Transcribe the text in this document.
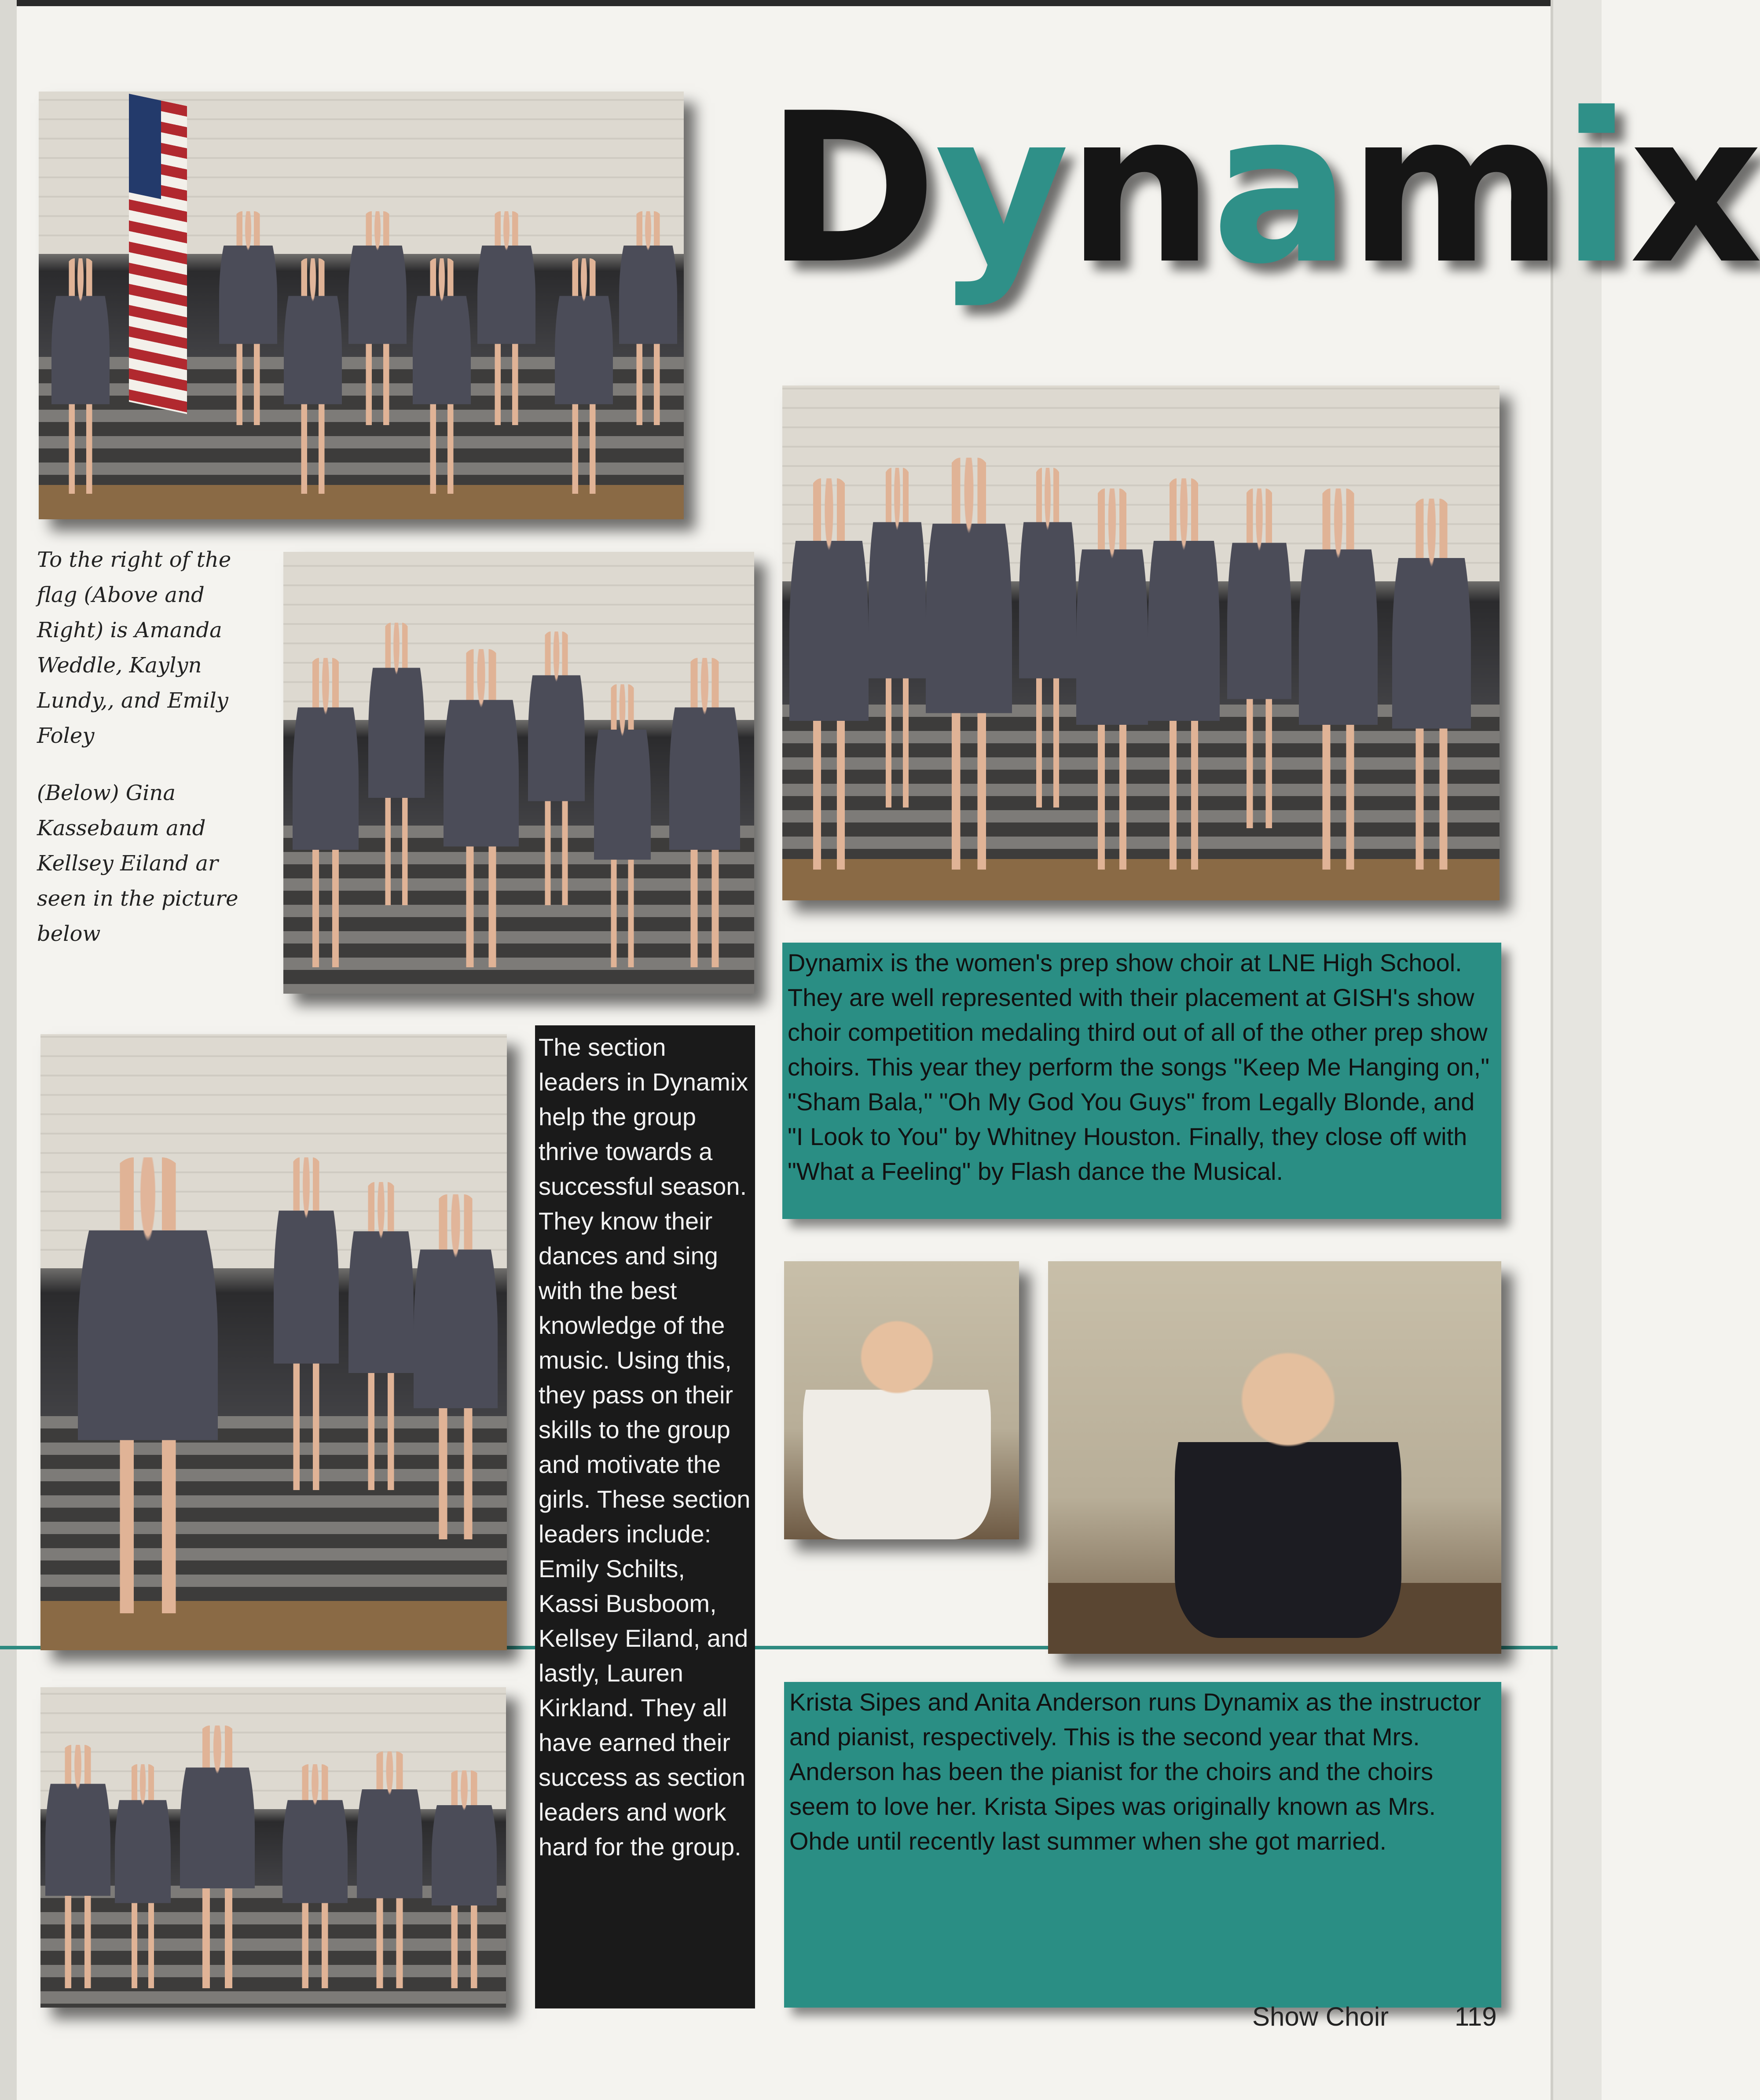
Dynamix

To the right of the flag (Above and Right) is Amanda Weddle, Kaylyn Lundy,, and Emily Foley

(Below) Gina Kassebaum and Kellsey Eiland ar seen in the picture below

Dynamix is the women's prep show choir at LNE High School. They are well represented with their placement at GISH's show choir competition medaling third out of all of the other prep show choirs. This year they perform the songs "Keep Me Hanging on," "Sham Bala," "Oh My God You Guys" from Legally Blonde, and "I Look to You" by Whitney Houston. Finally, they close off with "What a Feeling" by Flash dance the Musical.
The section leaders in Dynamix help the group thrive towards a successful season. They know their dances and sing with the best knowledge of the music. Using this, they pass on their skills to the group and motivate the girls. These section leaders include: Emily Schilts, Kassi Busboom, Kellsey Eiland, and lastly, Lauren Kirkland. They all have earned their success as section leaders and work hard for the group.
Krista Sipes and Anita Anderson runs Dynamix as the instructor and pianist, respectively. This is the second year that Mrs. Anderson has been the pianist for the choirs and the choirs seem to love her. Krista Sipes was originally known as Mrs. Ohde until recently last summer when she got married.
Show Choir 119
